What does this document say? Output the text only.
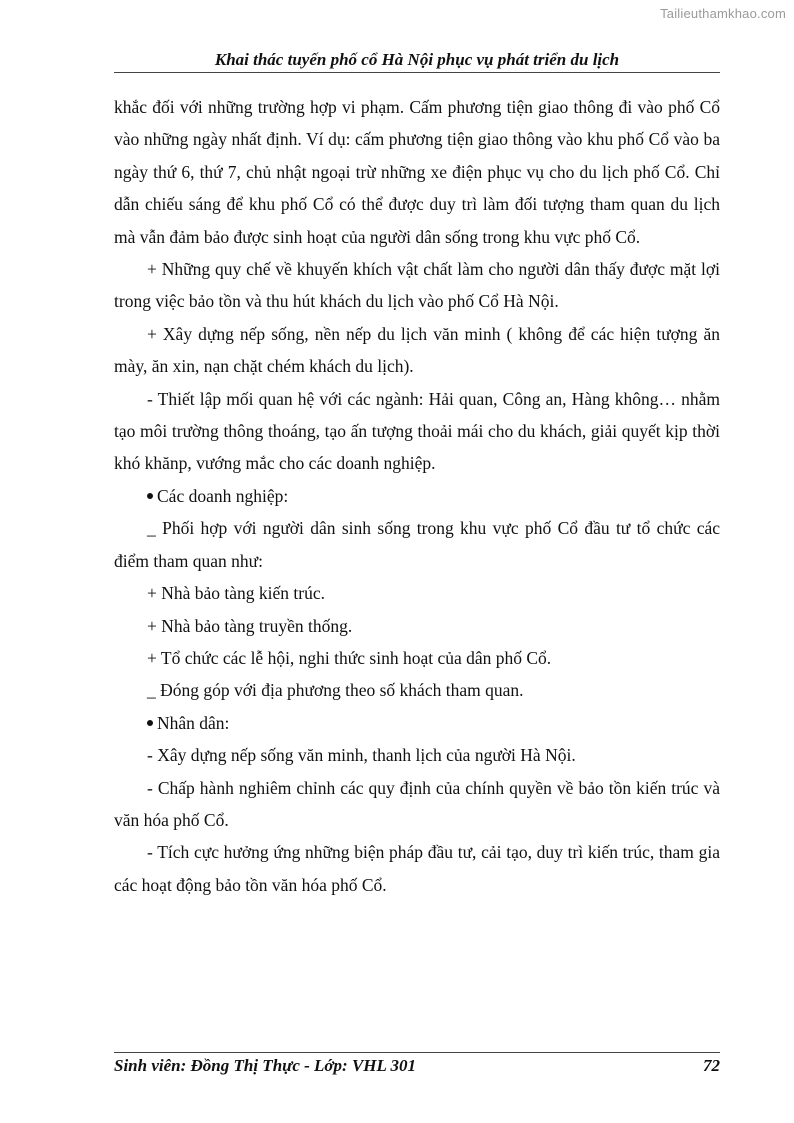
Tailieuthamkhao.com
Khai thác tuyến phố cổ Hà Nội phục vụ phát triển du lịch

khắc đối với những trường hợp vi phạm. Cấm phương tiện giao thông đi vào phố Cổ vào những ngày nhất định. Ví dụ: cấm phương tiện giao thông vào khu phố Cổ vào ba ngày thứ 6, thứ 7, chủ nhật ngoại trừ những xe điện phục vụ cho du lịch phố Cổ. Chỉ dẫn chiếu sáng để khu phố Cổ có thể được duy trì làm đối tượng tham quan du lịch mà vẫn đảm bảo được sinh hoạt của người dân sống trong khu vực phố Cổ.

+ Những quy chế về khuyến khích vật chất làm cho người dân thấy được mặt lợi trong việc bảo tồn và thu hút khách du lịch vào phố Cổ Hà Nội.

+ Xây dựng nếp sống, nền nếp du lịch văn minh ( không để các hiện tượng ăn mày, ăn xin, nạn chặt chém khách du lịch).

- Thiết lập mối quan hệ với các ngành: Hải quan, Công an, Hàng không… nhằm tạo môi trường thông thoáng, tạo ấn tượng thoải mái cho du khách, giải quyết kịp thời khó khănp, vướng mắc cho các doanh nghiệp.

Các doanh nghiệp:

_ Phối hợp với người dân sinh sống trong khu vực phố Cổ đầu tư tổ chức các điểm tham quan như:

+ Nhà bảo tàng kiến trúc.

+ Nhà bảo tàng truyền thống.

+ Tổ chức các lễ hội, nghi thức sinh hoạt của dân phố Cổ.

_ Đóng góp với địa phương theo số khách tham quan.

Nhân dân:

- Xây dựng nếp sống văn minh, thanh lịch của người Hà Nội.

- Chấp hành nghiêm chỉnh các quy định của chính quyền về bảo tồn kiến trúc và văn hóa phố Cổ.

- Tích cực hưởng ứng những biện pháp đầu tư, cải tạo, duy trì kiến trúc, tham gia các hoạt động bảo tồn văn hóa phố Cổ.

Sinh viên: Đồng Thị Thực - Lớp: VHL 301	72
